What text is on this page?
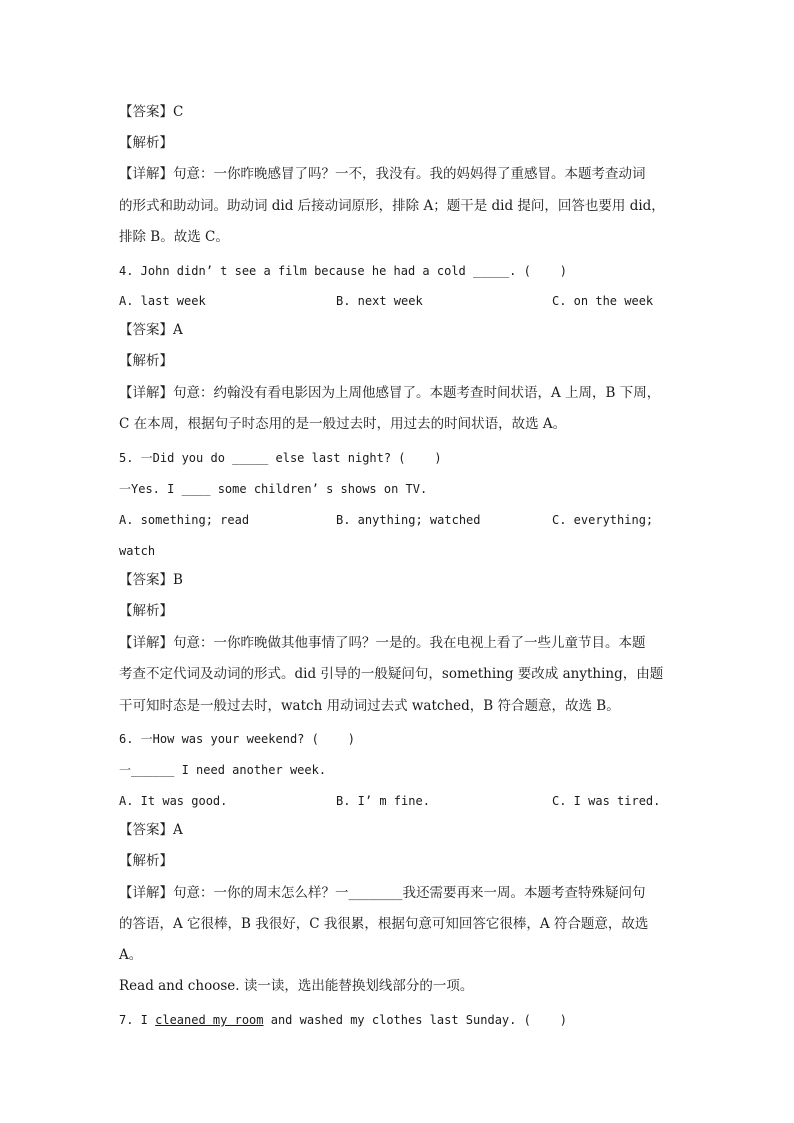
【答案】C
【解析】
【详解】句意：一你昨晚感冒了吗？一不，我没有。我的妈妈得了重感冒。本题考查动词
的形式和助动词。助动词 did 后接动词原形，排除 A；题干是 did 提问，回答也要用 did，
排除 B。故选 C。
4. John didn’ t see a film because he had a cold _____. (    )
A. last week	B. next week	C. on the week
【答案】A
【解析】
【详解】句意：约翰没有看电影因为上周他感冒了。本题考查时间状语，A 上周，B 下周，
C 在本周，根据句子时态用的是一般过去时，用过去的时间状语，故选 A。
5. 一Did you do _____ else last night? (    )
一Yes. I ____ some children’ s shows on TV.
A. something; read	B. anything; watched	C. everything;
watch
【答案】B
【解析】
【详解】句意：一你昨晚做其他事情了吗？一是的。我在电视上看了一些儿童节目。本题
考查不定代词及动词的形式。did 引导的一般疑问句，something 要改成 anything，由题
干可知时态是一般过去时，watch 用动词过去式 watched，B 符合题意，故选 B。
6. 一How was your weekend? (    )
一______ I need another week.
A. It was good.	B. I’ m fine.	C. I was tired.
【答案】A
【解析】
【详解】句意：一你的周末怎么样？一________我还需要再来一周。本题考查特殊疑问句
的答语，A 它很棒，B 我很好，C 我很累，根据句意可知回答它很棒，A 符合题意，故选
A。
Read and choose. 读一读，选出能替换划线部分的一项。
7. I cleaned my room and washed my clothes last Sunday. (    )
